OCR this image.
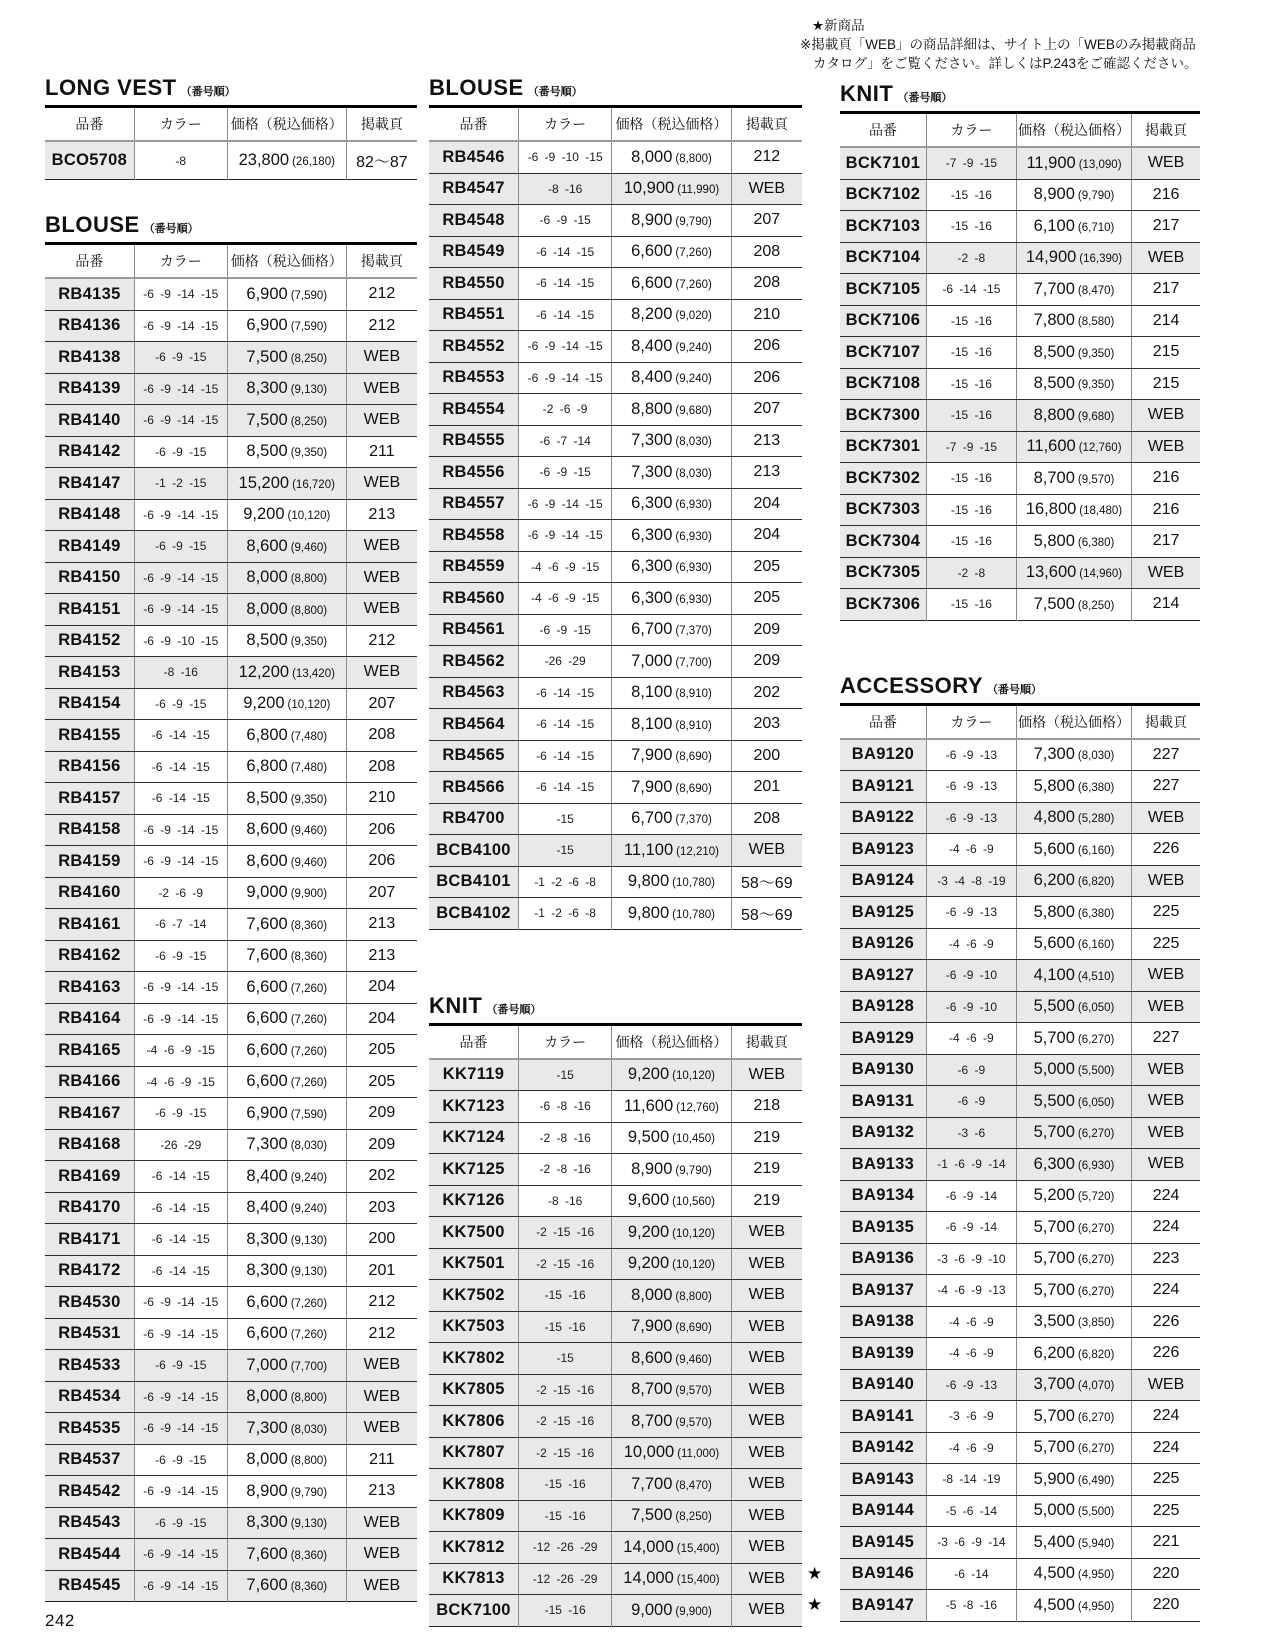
LONG VEST （番号順）
品番	カラー	価格（税込価格）	掲載頁
BCO5708	-8	23,800 (26,180)	82～87
BLOUSE （番号順）
品番	カラー	価格（税込価格）	掲載頁
RB4135	-6 -9 -14 -15	6,900 (7,590)	212
RB4136	-6 -9 -14 -15	6,900 (7,590)	212
RB4138	-6 -9 -15	7,500 (8,250)	WEB
RB4139	-6 -9 -14 -15	8,300 (9,130)	WEB
RB4140	-6 -9 -14 -15	7,500 (8,250)	WEB
RB4142	-6 -9 -15	8,500 (9,350)	211
RB4147	-1 -2 -15	15,200 (16,720)	WEB
RB4148	-6 -9 -14 -15	9,200 (10,120)	213
RB4149	-6 -9 -15	8,600 (9,460)	WEB
RB4150	-6 -9 -14 -15	8,000 (8,800)	WEB
RB4151	-6 -9 -14 -15	8,000 (8,800)	WEB
RB4152	-6 -9 -10 -15	8,500 (9,350)	212
RB4153	-8 -16	12,200 (13,420)	WEB
RB4154	-6 -9 -15	9,200 (10,120)	207
RB4155	-6 -14 -15	6,800 (7,480)	208
RB4156	-6 -14 -15	6,800 (7,480)	208
RB4157	-6 -14 -15	8,500 (9,350)	210
RB4158	-6 -9 -14 -15	8,600 (9,460)	206
RB4159	-6 -9 -14 -15	8,600 (9,460)	206
RB4160	-2 -6 -9	9,000 (9,900)	207
RB4161	-6 -7 -14	7,600 (8,360)	213
RB4162	-6 -9 -15	7,600 (8,360)	213
RB4163	-6 -9 -14 -15	6,600 (7,260)	204
RB4164	-6 -9 -14 -15	6,600 (7,260)	204
RB4165	-4 -6 -9 -15	6,600 (7,260)	205
RB4166	-4 -6 -9 -15	6,600 (7,260)	205
RB4167	-6 -9 -15	6,900 (7,590)	209
RB4168	-26 -29	7,300 (8,030)	209
RB4169	-6 -14 -15	8,400 (9,240)	202
RB4170	-6 -14 -15	8,400 (9,240)	203
RB4171	-6 -14 -15	8,300 (9,130)	200
RB4172	-6 -14 -15	8,300 (9,130)	201
RB4530	-6 -9 -14 -15	6,600 (7,260)	212
RB4531	-6 -9 -14 -15	6,600 (7,260)	212
RB4533	-6 -9 -15	7,000 (7,700)	WEB
RB4534	-6 -9 -14 -15	8,000 (8,800)	WEB
RB4535	-6 -9 -14 -15	7,300 (8,030)	WEB
RB4537	-6 -9 -15	8,000 (8,800)	211
RB4542	-6 -9 -14 -15	8,900 (9,790)	213
RB4543	-6 -9 -15	8,300 (9,130)	WEB
RB4544	-6 -9 -14 -15	7,600 (8,360)	WEB
RB4545	-6 -9 -14 -15	7,600 (8,360)	WEB
242
BLOUSE （番号順）
品番	カラー	価格（税込価格）	掲載頁
RB4546	-6 -9 -10 -15	8,000 (8,800)	212
RB4547	-8 -16	10,900 (11,990)	WEB
RB4548	-6 -9 -15	8,900 (9,790)	207
RB4549	-6 -14 -15	6,600 (7,260)	208
RB4550	-6 -14 -15	6,600 (7,260)	208
RB4551	-6 -14 -15	8,200 (9,020)	210
RB4552	-6 -9 -14 -15	8,400 (9,240)	206
RB4553	-6 -9 -14 -15	8,400 (9,240)	206
RB4554	-2 -6 -9	8,800 (9,680)	207
RB4555	-6 -7 -14	7,300 (8,030)	213
RB4556	-6 -9 -15	7,300 (8,030)	213
RB4557	-6 -9 -14 -15	6,300 (6,930)	204
RB4558	-6 -9 -14 -15	6,300 (6,930)	204
RB4559	-4 -6 -9 -15	6,300 (6,930)	205
RB4560	-4 -6 -9 -15	6,300 (6,930)	205
RB4561	-6 -9 -15	6,700 (7,370)	209
RB4562	-26 -29	7,000 (7,700)	209
RB4563	-6 -14 -15	8,100 (8,910)	202
RB4564	-6 -14 -15	8,100 (8,910)	203
RB4565	-6 -14 -15	7,900 (8,690)	200
RB4566	-6 -14 -15	7,900 (8,690)	201
RB4700	-15	6,700 (7,370)	208
BCB4100	-15	11,100 (12,210)	WEB
BCB4101	-1 -2 -6 -8	9,800 (10,780)	58～69
BCB4102	-1 -2 -6 -8	9,800 (10,780)	58～69
KNIT （番号順）
品番	カラー	価格（税込価格）	掲載頁
KK7119	-15	9,200 (10,120)	WEB
KK7123	-6 -8 -16	11,600 (12,760)	218
KK7124	-2 -8 -16	9,500 (10,450)	219
KK7125	-2 -8 -16	8,900 (9,790)	219
KK7126	-8 -16	9,600 (10,560)	219
KK7500	-2 -15 -16	9,200 (10,120)	WEB
KK7501	-2 -15 -16	9,200 (10,120)	WEB
KK7502	-15 -16	8,000 (8,800)	WEB
KK7503	-15 -16	7,900 (8,690)	WEB
KK7802	-15	8,600 (9,460)	WEB
KK7805	-2 -15 -16	8,700 (9,570)	WEB
KK7806	-2 -15 -16	8,700 (9,570)	WEB
KK7807	-2 -15 -16	10,000 (11,000)	WEB
KK7808	-15 -16	7,700 (8,470)	WEB
KK7809	-15 -16	7,500 (8,250)	WEB
KK7812	-12 -26 -29	14,000 (15,400)	WEB
KK7813	-12 -26 -29	14,000 (15,400)	WEB
BCK7100	-15 -16	9,000 (9,900)	WEB
★新商品
※掲載頁「WEB」の商品詳細は、サイト上の「WEBのみ掲載商品
カタログ」をご覧ください。詳しくはP.243をご確認ください。
KNIT （番号順）
品番	カラー	価格（税込価格）	掲載頁
BCK7101	-7 -9 -15	11,900 (13,090)	WEB
BCK7102	-15 -16	8,900 (9,790)	216
BCK7103	-15 -16	6,100 (6,710)	217
BCK7104	-2 -8	14,900 (16,390)	WEB
BCK7105	-6 -14 -15	7,700 (8,470)	217
BCK7106	-15 -16	7,800 (8,580)	214
BCK7107	-15 -16	8,500 (9,350)	215
BCK7108	-15 -16	8,500 (9,350)	215
BCK7300	-15 -16	8,800 (9,680)	WEB
BCK7301	-7 -9 -15	11,600 (12,760)	WEB
BCK7302	-15 -16	8,700 (9,570)	216
BCK7303	-15 -16	16,800 (18,480)	216
BCK7304	-15 -16	5,800 (6,380)	217
BCK7305	-2 -8	13,600 (14,960)	WEB
BCK7306	-15 -16	7,500 (8,250)	214
ACCESSORY （番号順）
品番	カラー	価格（税込価格）	掲載頁
BA9120	-6 -9 -13	7,300 (8,030)	227
BA9121	-6 -9 -13	5,800 (6,380)	227
BA9122	-6 -9 -13	4,800 (5,280)	WEB
BA9123	-4 -6 -9	5,600 (6,160)	226
BA9124	-3 -4 -8 -19	6,200 (6,820)	WEB
BA9125	-6 -9 -13	5,800 (6,380)	225
BA9126	-4 -6 -9	5,600 (6,160)	225
BA9127	-6 -9 -10	4,100 (4,510)	WEB
BA9128	-6 -9 -10	5,500 (6,050)	WEB
BA9129	-4 -6 -9	5,700 (6,270)	227
BA9130	-6 -9	5,000 (5,500)	WEB
BA9131	-6 -9	5,500 (6,050)	WEB
BA9132	-3 -6	5,700 (6,270)	WEB
BA9133	-1 -6 -9 -14	6,300 (6,930)	WEB
BA9134	-6 -9 -14	5,200 (5,720)	224
BA9135	-6 -9 -14	5,700 (6,270)	224
BA9136	-3 -6 -9 -10	5,700 (6,270)	223
BA9137	-4 -6 -9 -13	5,700 (6,270)	224
BA9138	-4 -6 -9	3,500 (3,850)	226
BA9139	-4 -6 -9	6,200 (6,820)	226
BA9140	-6 -9 -13	3,700 (4,070)	WEB
BA9141	-3 -6 -9	5,700 (6,270)	224
BA9142	-4 -6 -9	5,700 (6,270)	224
BA9143	-8 -14 -19	5,900 (6,490)	225
BA9144	-5 -6 -14	5,000 (5,500)	225
BA9145	-3 -6 -9 -14	5,400 (5,940)	221

★ BA9146	-6 -14	4,500 (4,950)	220

★ BA9147	-5 -8 -16	4,500 (4,950)	220
